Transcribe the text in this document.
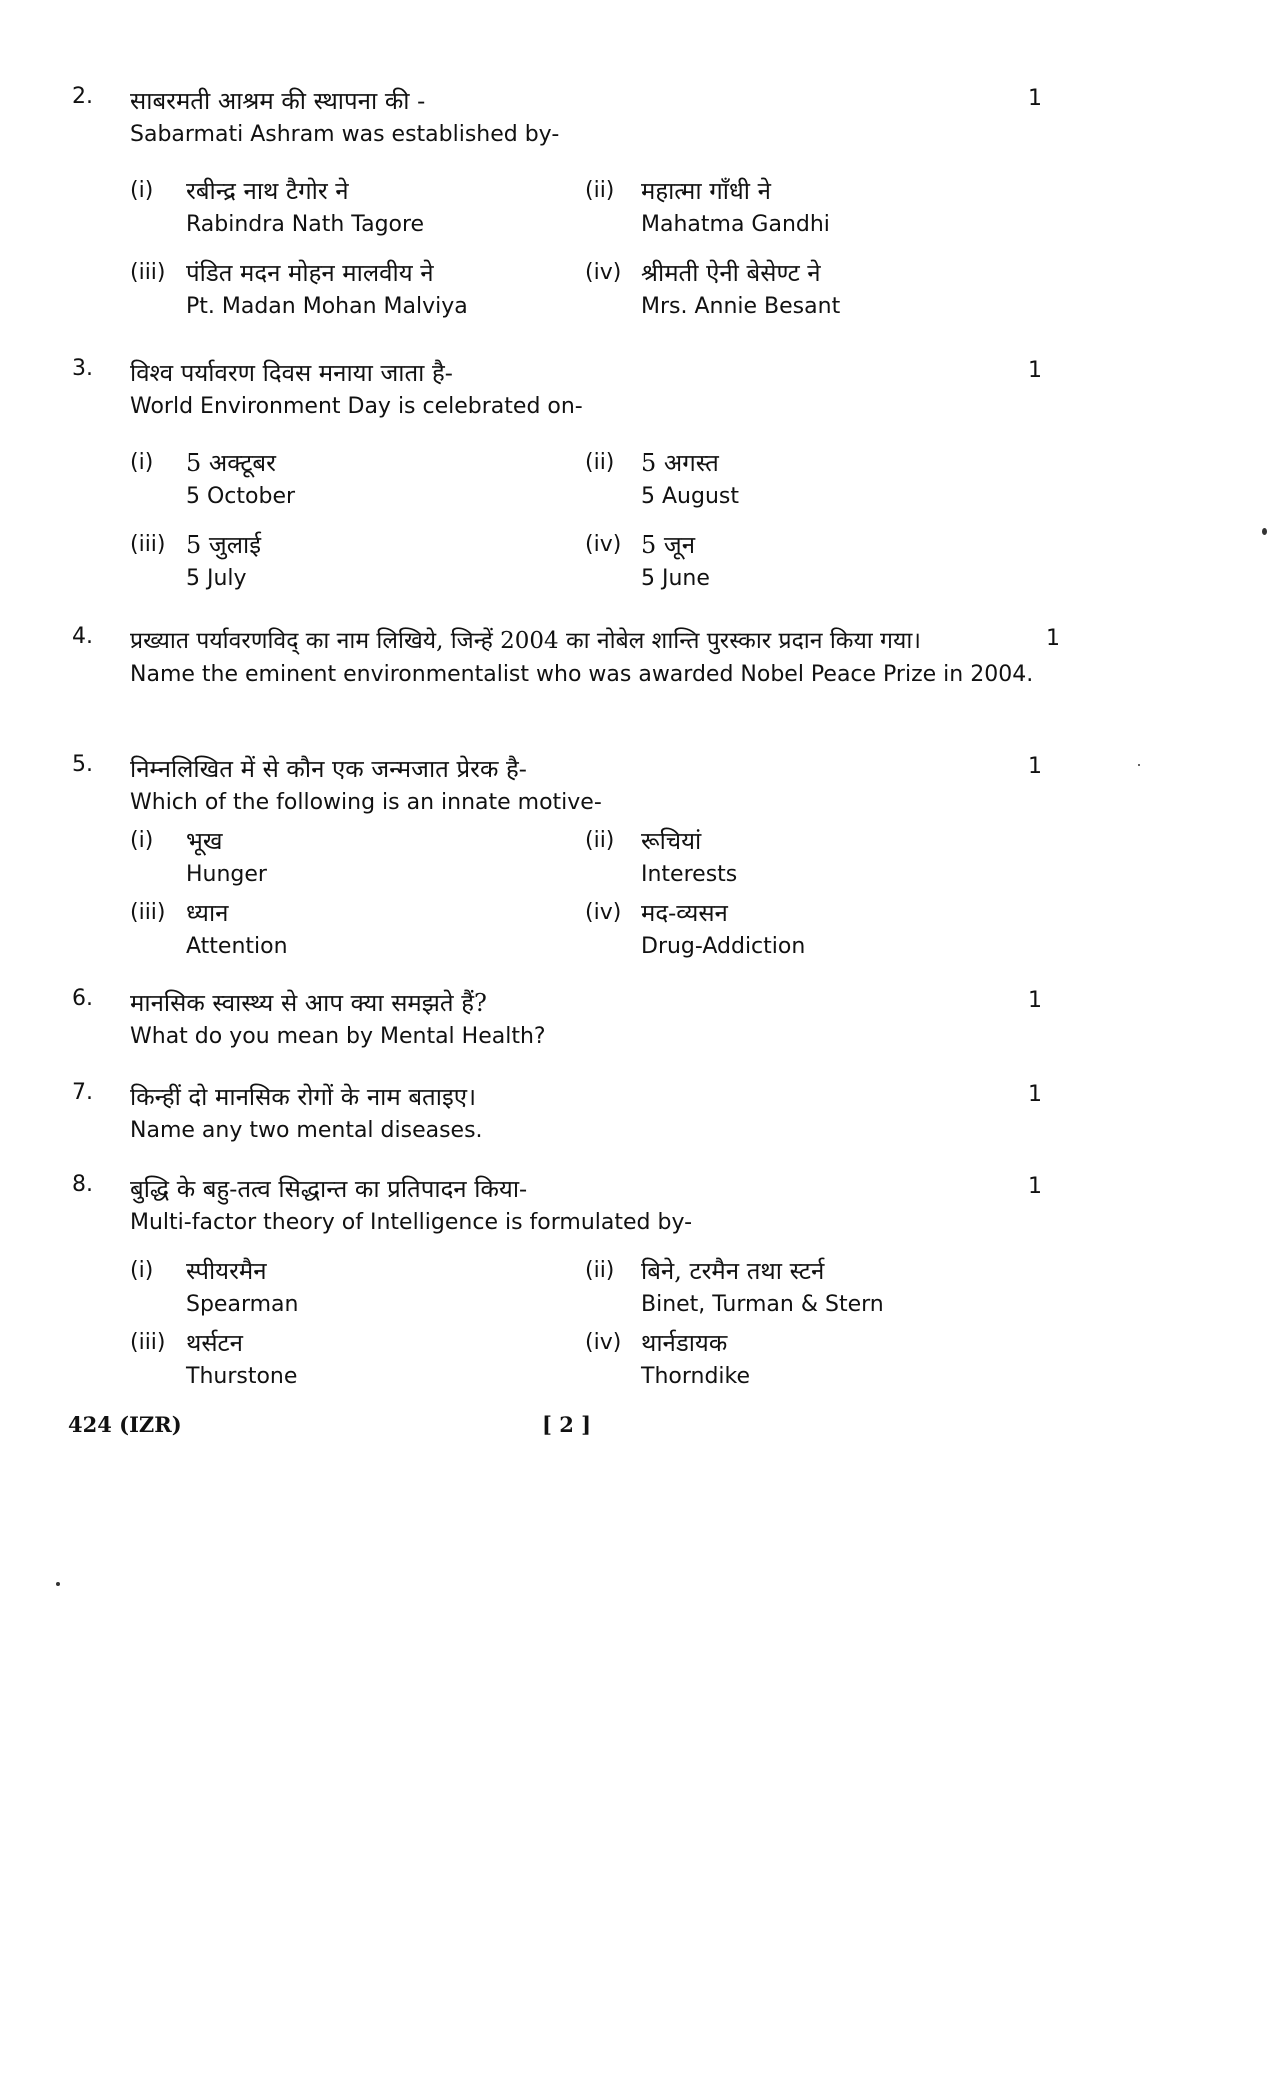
2.	1
साबरमती आश्रम की स्थापना की -
Sabarmati Ashram was established by-
(i)	रबीन्द्र नाथ टैगोर ने
Rabindra Nath Tagore
(ii)	महात्मा गाँधी ने
Mahatma Gandhi
(iii) पंडित मदन मोहन मालवीय ने
Pt. Madan Mohan Malviya
(iv) श्रीमती ऐनी बेसेण्ट ने
Mrs. Annie Besant
3.	1
विश्व पर्यावरण दिवस मनाया जाता है-
World Environment Day is celebrated on-
(i)	5 अक्टूबर
5 October
(ii)	5 अगस्त
5 August
(iii) 5 जुलाई
5 July
(iv) 5 जून
5 June
4.	1
प्रख्यात पर्यावरणविद् का नाम लिखिये, जिन्हें 2004 का नोबेल शान्ति पुरस्कार प्रदान किया गया।
Name the eminent environmentalist who was awarded Nobel Peace Prize in 2004.
5.	1
निम्नलिखित में से कौन एक जन्मजात प्रेरक है-
Which of the following is an innate motive-
(i)	भूख
Hunger
(ii)	रूचियां
Interests
(iii) ध्यान
Attention
(iv) मद-व्यसन
Drug-Addiction
6.	1
मानसिक स्वास्थ्य से आप क्या समझते हैं?
What do you mean by Mental Health?
7.	1
किन्हीं दो मानसिक रोगों के नाम बताइए।
Name any two mental diseases.
8.	1
बुद्धि के बहु-तत्व सिद्धान्त का प्रतिपादन किया-
Multi-factor theory of Intelligence is formulated by-
(i)	स्पीयरमैन
Spearman
(ii)	बिने, टरमैन तथा स्टर्न
Binet, Turman & Stern
(iii) थर्सटन
Thurstone
(iv) थार्नडायक
Thorndike
424 (IZR)	[ 2 ]
